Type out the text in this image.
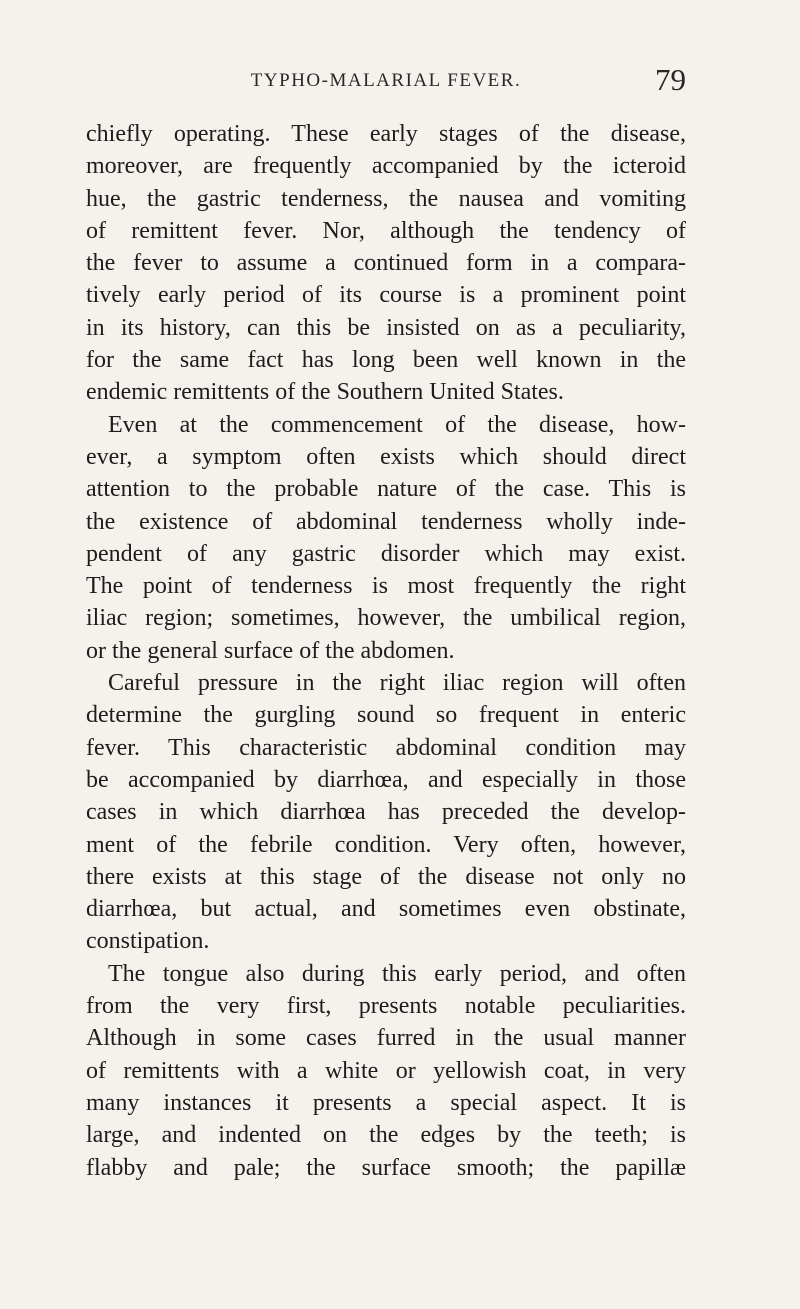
TYPHO-MALARIAL FEVER.	79
chiefly operating. These early stages of the disease,
moreover, are frequently accompanied by the icteroid
hue, the gastric tenderness, the nausea and vomiting
of remittent fever. Nor, although the tendency of
the fever to assume a continued form in a compara-
tively early period of its course is a prominent point
in its history, can this be insisted on as a peculiarity,
for the same fact has long been well known in the
endemic remittents of the Southern United States.
Even at the commencement of the disease, how-
ever, a symptom often exists which should direct
attention to the probable nature of the case. This is
the existence of abdominal tenderness wholly inde-
pendent of any gastric disorder which may exist.
The point of tenderness is most frequently the right
iliac region; sometimes, however, the umbilical region,
or the general surface of the abdomen.
Careful pressure in the right iliac region will often
determine the gurgling sound so frequent in enteric
fever. This characteristic abdominal condition may
be accompanied by diarrhœa, and especially in those
cases in which diarrhœa has preceded the develop-
ment of the febrile condition. Very often, however,
there exists at this stage of the disease not only no
diarrhœa, but actual, and sometimes even obstinate,
constipation.
The tongue also during this early period, and often
from the very first, presents notable peculiarities.
Although in some cases furred in the usual manner
of remittents with a white or yellowish coat, in very
many instances it presents a special aspect. It is
large, and indented on the edges by the teeth; is
flabby and pale; the surface smooth; the papillæ
